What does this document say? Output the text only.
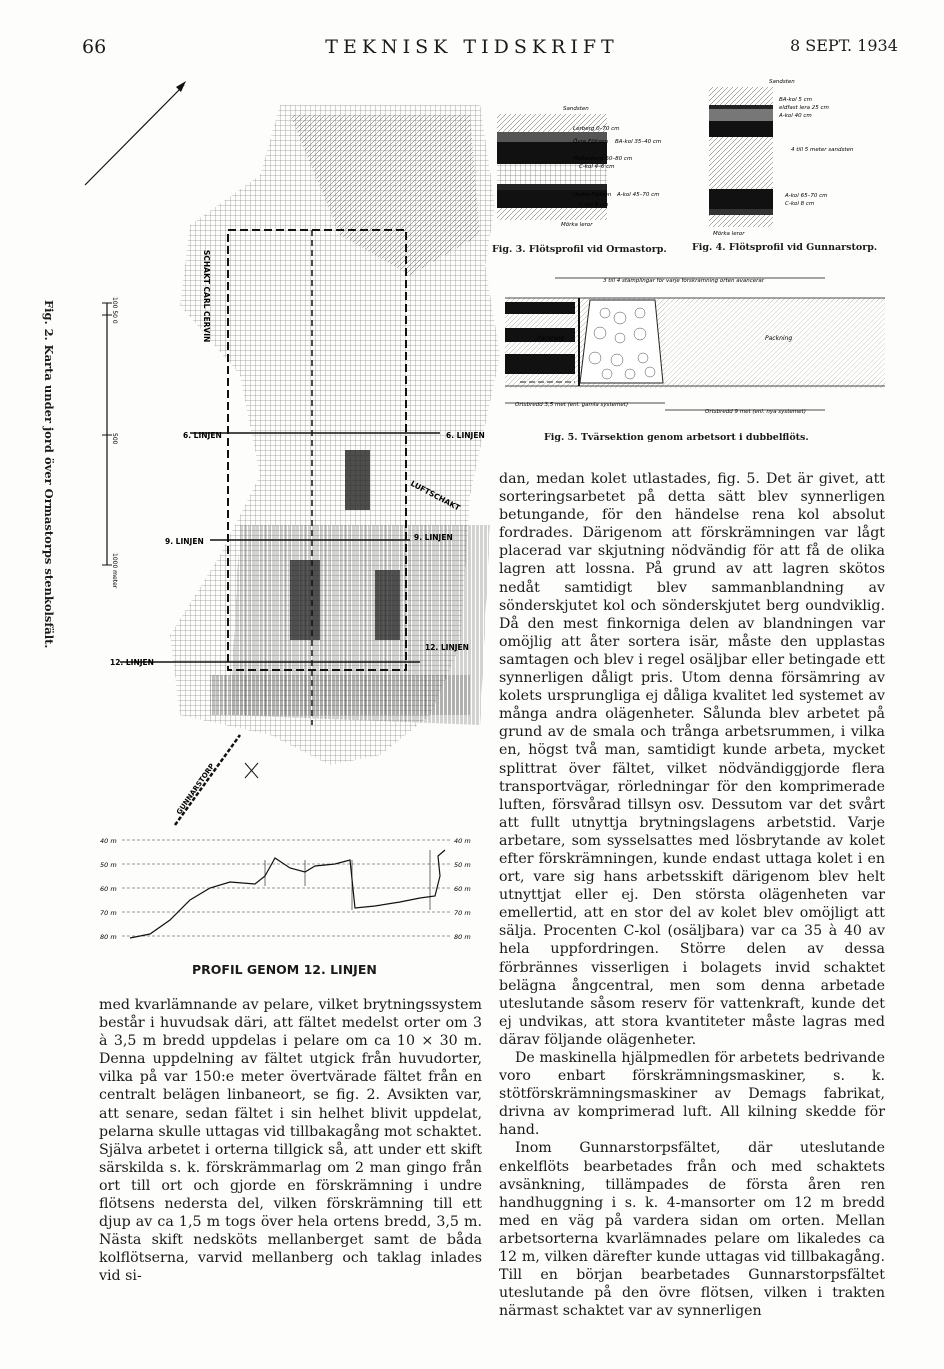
66	TEKNISK TIDSKRIFT	8 SEPT. 1934
Fig. 2. Karta under jord över Ormastorps stenkolsfält.	6. LINJEN	6. LINJEN
9. LINJEN	9. LINJEN
12. LINJEN
12. LINJEN
SCHAKT CARL CERVIN
LUFTSCHAKT
GUNNARSTORP
100 50 0
500
1000 meter
40 m
50 m
60 m
70 m
80 m
40 m
50 m
60 m
70 m
80 m
PROFIL GENOM 12. LINJEN
Sandsten
Lerberg 0–70 cm
Övre Flötsen BA-kol 35–40 cm
Mellanberg 60–80 cm
C-kol 4–6 cm
Undre Flötsen A-kol 45–70 cm
C-kol 8 cm
Mörka leror
Fig. 3. Flötsprofil vid Ormastorp.
Sandsten
BA-kol 5 cm
eldfast lera 25 cm
A-kol 40 cm
4 till 5 meter sandsten
A-kol 65–70 cm
C-kol 8 cm
Mörka leror
Fig. 4. Flötsprofil vid Gunnarstorp.
3 till 4 stämplingar för varje förskrämning orten avancerar
Packning	Packning
Ortsbredd 3,5 met (enl. gamla systemet)
Ortsbredd 9 met (enl. nya systemet)
Fig. 5. Tvärsektion genom arbetsort i dubbelflöts.

med kvarlämnande av pelare, vilket brytningssystem består i huvudsak däri, att fältet medelst orter om 3 à 3,5 m bredd uppdelas i pelare om ca 10 × 30 m. Denna uppdelning av fältet utgick från huvudorter, vilka på var 150:e meter övertvärade fältet från en centralt belägen linbaneort, se fig. 2. Avsikten var, att senare, sedan fältet i sin helhet blivit uppdelat, pelarna skulle uttagas vid tillbakagång mot schaktet. Själva arbetet i orterna tillgick så, att under ett skift särskilda s. k. förskrämmarlag om 2 man gingo från ort till ort och gjorde en förskrämning i undre flötsens nedersta del, vilken förskrämning till ett djup av ca 1,5 m togs över hela ortens bredd, 3,5 m. Nästa skift nedsköts mellanberget samt de båda kolflötserna, varvid mellanberg och taklag inlades vid si-

dan, medan kolet utlastades, fig. 5. Det är givet, att sorteringsarbetet på detta sätt blev synnerligen betungande, för den händelse rena kol absolut fordrades. Därigenom att förskrämningen var lågt placerad var skjutning nödvändig för att få de olika lagren att lossna. På grund av att lagren skötos nedåt samtidigt blev sammanblandning av sönderskjutet kol och sönderskjutet berg oundviklig. Då den mest finkorniga delen av blandningen var omöjlig att åter sortera isär, måste den upplastas samtagen och blev i regel osäljbar eller betingade ett synnerligen dåligt pris. Utom denna försämring av kolets ursprungliga ej dåliga kvalitet led systemet av många andra olägenheter. Sålunda blev arbetet på grund av de smala och trånga arbetsrummen, i vilka en, högst två man, samtidigt kunde arbeta, mycket splittrat över fältet, vilket nödvändiggjorde flera transportvägar, rörledningar för den komprimerade luften, försvårad tillsyn osv. Dessutom var det svårt att fullt utnyttja brytningslagens arbetstid. Varje arbetare, som sysselsattes med lösbrytande av kolet efter förskrämningen, kunde endast uttaga kolet i en ort, vare sig hans arbetsskift därigenom blev helt utnyttjat eller ej. Den största olägenheten var emellertid, att en stor del av kolet blev omöjligt att sälja. Procenten C-kol (osäljbara) var ca 35 à 40 av hela uppfordringen. Större delen av dessa förbrännes visserligen i bolagets invid schaktet belägna ångcentral, men som denna arbetade uteslutande såsom reserv för vattenkraft, kunde det ej undvikas, att stora kvantiteter måste lagras med därav följande olägenheter.

De maskinella hjälpmedlen för arbetets bedrivande voro enbart förskrämningsmaskiner, s. k. stötförskrämningsmaskiner av Demags fabrikat, drivna av komprimerad luft. All kilning skedde för hand.

Inom Gunnarstorpsfältet, där uteslutande enkelflöts bearbetades från och med schaktets avsänkning, tillämpades de första åren ren handhuggning i s. k. 4-mansorter om 12 m bredd med en väg på vardera sidan om orten. Mellan arbetsorterna kvarlämnades pelare om likaledes ca 12 m, vilken därefter kunde uttagas vid tillbakagång. Till en början bearbetades Gunnarstorpsfältet uteslutande på den övre flötsen, vilken i trakten närmast schaktet var av synnerligen
